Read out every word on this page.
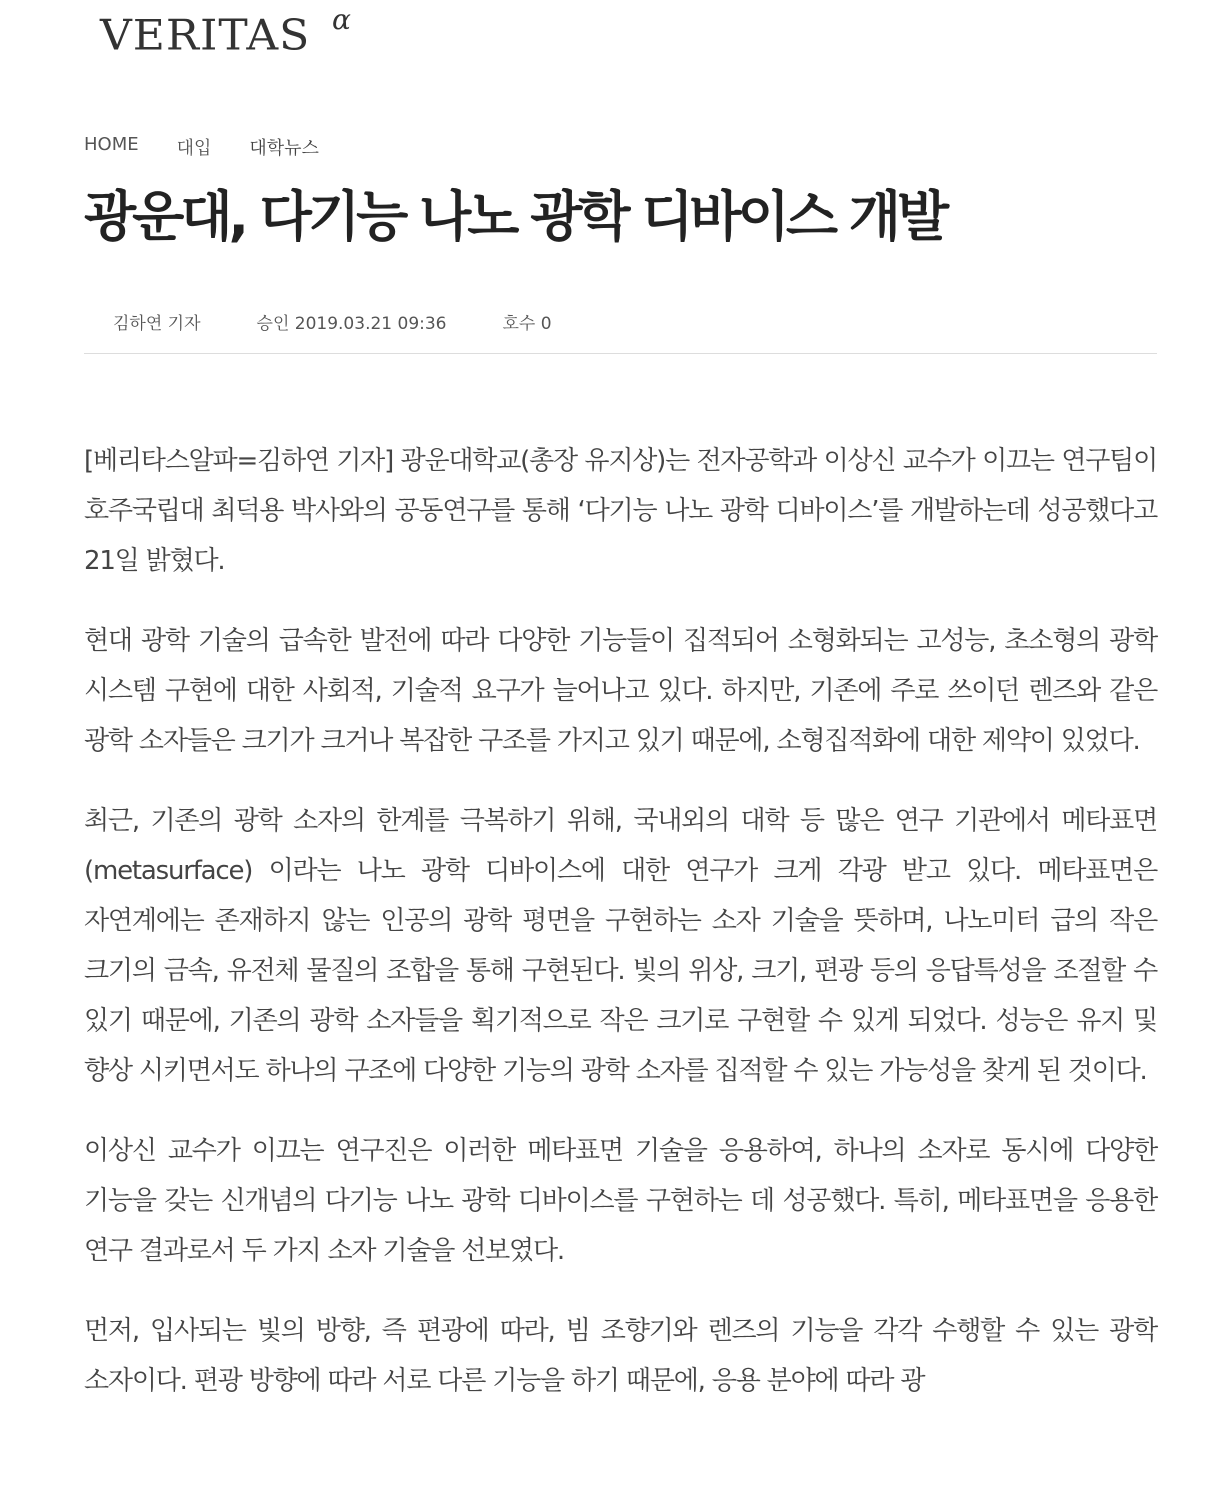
VERITAS α
HOME 대입 대학뉴스
광운대, 다기능 나노 광학 디바이스 개발
김하연 기자	승인 2019.03.21 09:36	호수 0

[베리타스알파=김하연 기자] 광운대학교(총장 유지상)는 전자공학과 이상신 교수가 이끄는 연구팀이 호주국립대 최덕용 박사와의 공동연구를 통해 ‘다기능 나노 광학 디바이스’를 개발하는데 성공했다고 21일 밝혔다.

현대 광학 기술의 급속한 발전에 따라 다양한 기능들이 집적되어 소형화되는 고성능, 초소형의 광학 시스템 구현에 대한 사회적, 기술적 요구가 늘어나고 있다. 하지만, 기존에 주로 쓰이던 렌즈와 같은 광학 소자들은 크기가 크거나 복잡한 구조를 가지고 있기 때문에, 소형집적화에 대한 제약이 있었다.

최근, 기존의 광학 소자의 한계를 극복하기 위해, 국내외의 대학 등 많은 연구 기관에서 메타표면 (metasurface) 이라는 나노 광학 디바이스에 대한 연구가 크게 각광 받고 있다. 메타표면은 자연계에는 존재하지 않는 인공의 광학 평면을 구현하는 소자 기술을 뜻하며, 나노미터 급의 작은 크기의 금속, 유전체 물질의 조합을 통해 구현된다. 빛의 위상, 크기, 편광 등의 응답특성을 조절할 수 있기 때문에, 기존의 광학 소자들을 획기적으로 작은 크기로 구현할 수 있게 되었다. 성능은 유지 및 향상 시키면서도 하나의 구조에 다양한 기능의 광학 소자를 집적할 수 있는 가능성을 찾게 된 것이다.

이상신 교수가 이끄는 연구진은 이러한 메타표면 기술을 응용하여, 하나의 소자로 동시에 다양한 기능을 갖는 신개념의 다기능 나노 광학 디바이스를 구현하는 데 성공했다. 특히, 메타표면을 응용한 연구 결과로서 두 가지 소자 기술을 선보였다.

먼저, 입사되는 빛의 방향, 즉 편광에 따라, 빔 조향기와 렌즈의 기능을 각각 수행할 수 있는 광학 소자이다. 편광 방향에 따라 서로 다른 기능을 하기 때문에, 응용 분야에 따라 광
